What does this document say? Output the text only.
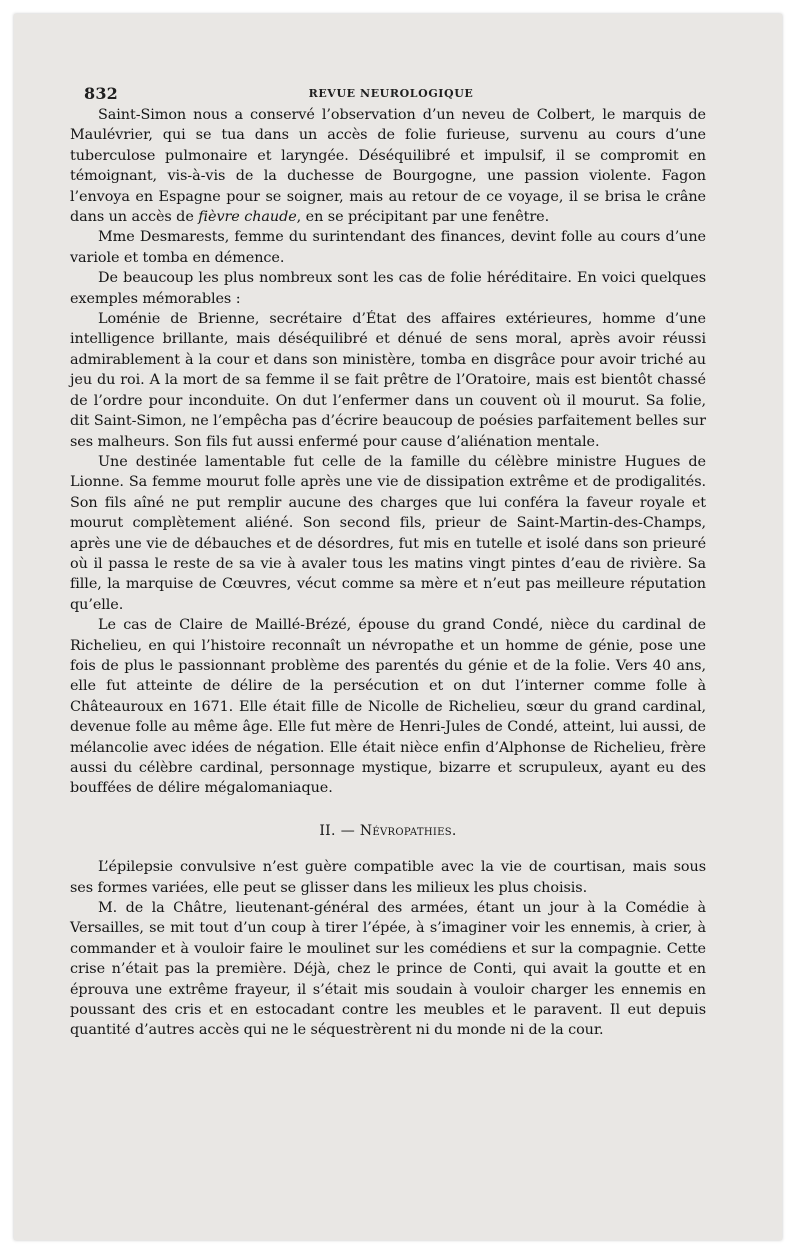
832	REVUE NEUROLOGIQUE

Saint-Simon nous a conservé l’observation d’un neveu de Colbert, le marquis de Maulévrier, qui se tua dans un accès de folie furieuse, survenu au cours d’une tuberculose pulmonaire et laryngée. Déséquilibré et impulsif, il se compromit en témoignant, vis-à-vis de la duchesse de Bourgogne, une passion violente. Fagon l’envoya en Espagne pour se soigner, mais au retour de ce voyage, il se brisa le crâne dans un accès de fièvre chaude, en se précipitant par une fenêtre.

Mme Desmarests, femme du surintendant des finances, devint folle au cours d’une variole et tomba en démence.

De beaucoup les plus nombreux sont les cas de folie héréditaire. En voici quelques exemples mémorables :

Loménie de Brienne, secrétaire d’État des affaires extérieures, homme d’une intelligence brillante, mais déséquilibré et dénué de sens moral, après avoir réussi admirablement à la cour et dans son ministère, tomba en disgrâce pour avoir triché au jeu du roi. A la mort de sa femme il se fait prêtre de l’Oratoire, mais est bientôt chassé de l’ordre pour inconduite. On dut l’enfermer dans un couvent où il mourut. Sa folie, dit Saint-Simon, ne l’empêcha pas d’écrire beaucoup de poésies parfaitement belles sur ses malheurs. Son fils fut aussi enfermé pour cause d’aliénation mentale.

Une destinée lamentable fut celle de la famille du célèbre ministre Hugues de Lionne. Sa femme mourut folle après une vie de dissipation extrême et de prodigalités. Son fils aîné ne put remplir aucune des charges que lui conféra la faveur royale et mourut complètement aliéné. Son second fils, prieur de Saint-Martin-des-Champs, après une vie de débauches et de désordres, fut mis en tutelle et isolé dans son prieuré où il passa le reste de sa vie à avaler tous les matins vingt pintes d’eau de rivière. Sa fille, la marquise de Cœuvres, vécut comme sa mère et n’eut pas meilleure réputation qu’elle.

Le cas de Claire de Maillé-Brézé, épouse du grand Condé, nièce du cardinal de Richelieu, en qui l’histoire reconnaît un névropathe et un homme de génie, pose une fois de plus le passionnant problème des parentés du génie et de la folie. Vers 40 ans, elle fut atteinte de délire de la persécution et on dut l’interner comme folle à Châteauroux en 1671. Elle était fille de Nicolle de Richelieu, sœur du grand cardinal, devenue folle au même âge. Elle fut mère de Henri-Jules de Condé, atteint, lui aussi, de mélancolie avec idées de négation. Elle était nièce enfin d’Alphonse de Richelieu, frère aussi du célèbre cardinal, personnage mystique, bizarre et scrupuleux, ayant eu des bouffées de délire mégalomaniaque.

II. — Névropathies.

L’épilepsie convulsive n’est guère compatible avec la vie de courtisan, mais sous ses formes variées, elle peut se glisser dans les milieux les plus choisis.

M. de la Châtre, lieutenant-général des armées, étant un jour à la Comédie à Versailles, se mit tout d’un coup à tirer l’épée, à s’imaginer voir les ennemis, à crier, à commander et à vouloir faire le moulinet sur les comédiens et sur la compagnie. Cette crise n’était pas la première. Déjà, chez le prince de Conti, qui avait la goutte et en éprouva une extrême frayeur, il s’était mis soudain à vouloir charger les ennemis en poussant des cris et en estocadant contre les meubles et le paravent. Il eut depuis quantité d’autres accès qui ne le séquestrèrent ni du monde ni de la cour.
